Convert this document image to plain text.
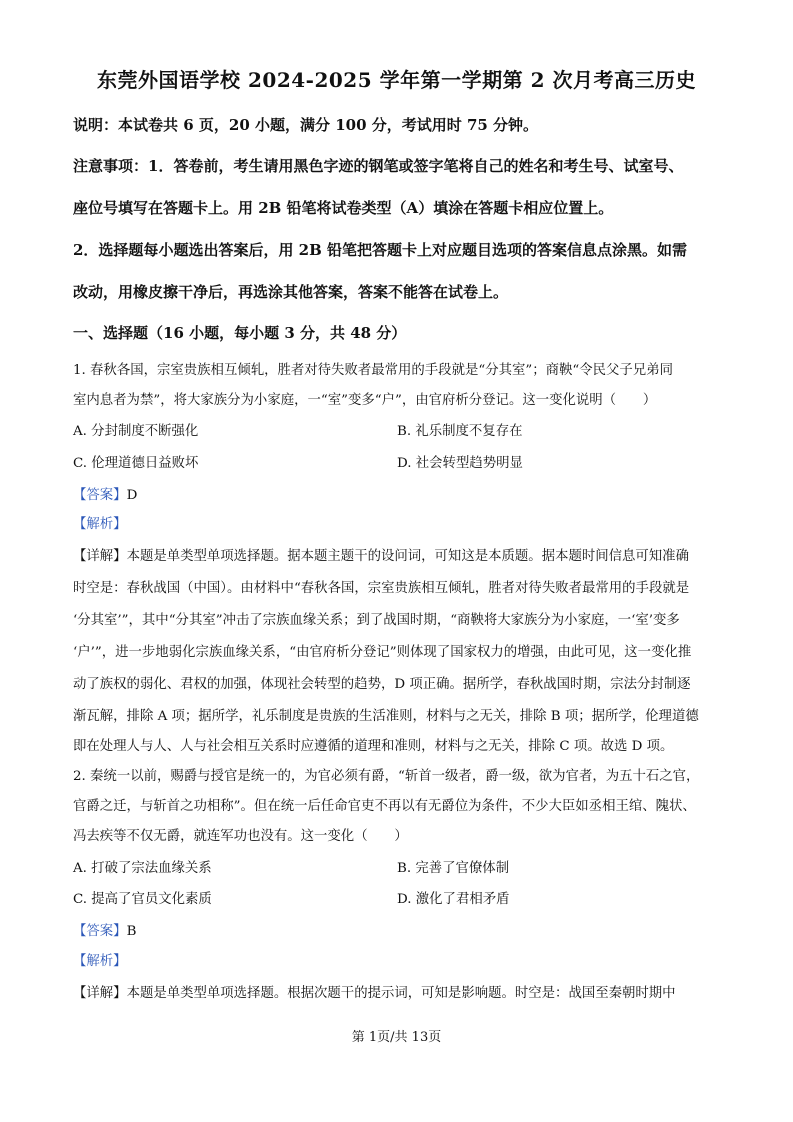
东莞外国语学校 2024-2025 学年第一学期第 2 次月考高三历史
说明：本试卷共 6 页，20 小题，满分 100 分，考试用时 75 分钟。
注意事项：1．答卷前，考生请用黑色字迹的钢笔或签字笔将自己的姓名和考生号、试室号、
座位号填写在答题卡上。用 2B 铅笔将试卷类型（A）填涂在答题卡相应位置上。
2．选择题每小题选出答案后，用 2B 铅笔把答题卡上对应题目选项的答案信息点涂黑。如需
改动，用橡皮擦干净后，再选涂其他答案，答案不能答在试卷上。
一、选择题（16 小题，每小题 3 分，共 48 分）
1. 春秋各国，宗室贵族相互倾轧，胜者对待失败者最常用的手段就是“分其室”；商鞅“令民父子兄弟同
室内息者为禁”，将大家族分为小家庭，一“室”变多“户”，由官府析分登记。这一变化说明（　　）
A. 分封制度不断强化	B. 礼乐制度不复存在
C. 伦理道德日益败坏	D. 社会转型趋势明显
【答案】D
【解析】
【详解】本题是单类型单项选择题。据本题主题干的设问词，可知这是本质题。据本题时间信息可知准确
时空是：春秋战国（中国）。由材料中“春秋各国，宗室贵族相互倾轧，胜者对待失败者最常用的手段就是
‘分其室’”，其中“分其室”冲击了宗族血缘关系；到了战国时期，“商鞅将大家族分为小家庭，一‘室’变多
‘户’”，进一步地弱化宗族血缘关系，“由官府析分登记”则体现了国家权力的增强，由此可见，这一变化推
动了族权的弱化、君权的加强，体现社会转型的趋势，D 项正确。据所学，春秋战国时期，宗法分封制逐
渐瓦解，排除 A 项；据所学，礼乐制度是贵族的生活准则，材料与之无关，排除 B 项；据所学，伦理道德
即在处理人与人、人与社会相互关系时应遵循的道理和准则，材料与之无关，排除 C 项。故选 D 项。
2. 秦统一以前，赐爵与授官是统一的，为官必须有爵，“斩首一级者，爵一级，欲为官者，为五十石之官，
官爵之迁，与斩首之功相称”。但在统一后任命官吏不再以有无爵位为条件，不少大臣如丞相王绾、隗状、
冯去疾等不仅无爵，就连军功也没有。这一变化（　　）
A. 打破了宗法血缘关系	B. 完善了官僚体制
C. 提高了官员文化素质	D. 激化了君相矛盾
【答案】B
【解析】
【详解】本题是单类型单项选择题。根据次题干的提示词，可知是影响题。时空是：战国至秦朝时期中
第 1页/共 13页
